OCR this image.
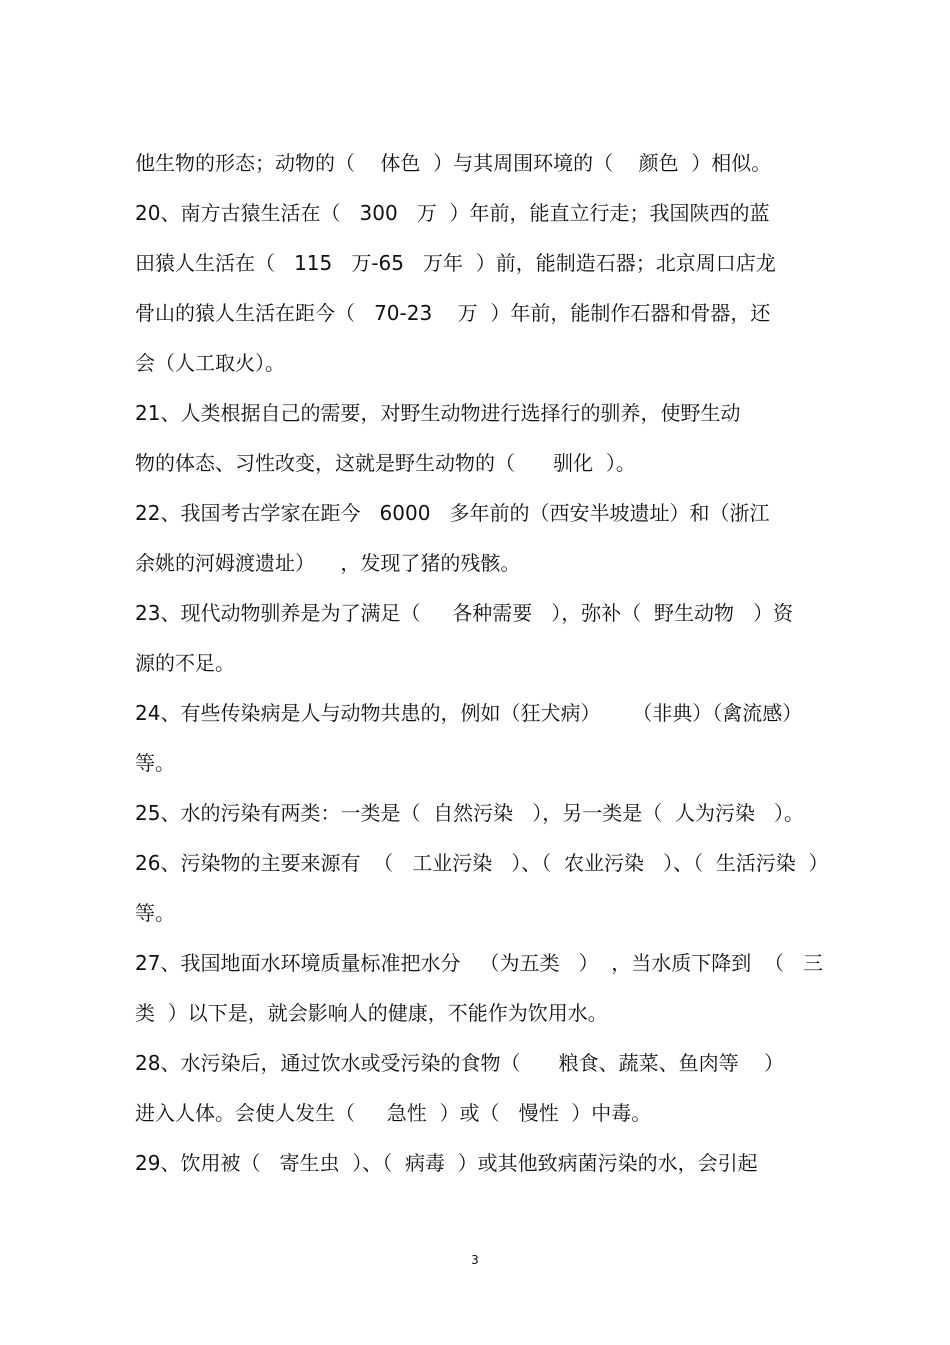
他生物的形态；动物的（    体色  ）与其周围环境的（    颜色  ）相似。
20、南方古猿生活在（   300   万  ）年前，能直立行走；我国陕西的蓝
田猿人生活在（   115   万-65   万年  ）前，能制造石器；北京周口店龙
骨山的猿人生活在距今（   70-23    万  ）年前，能制作石器和骨器，还
会（人工取火）。
21、人类根据自己的需要，对野生动物进行选择行的驯养，使野生动
物的体态、习性改变，这就是野生动物的（      驯化  ）。
22、我国考古学家在距今   6000   多年前的（西安半坡遗址）和（浙江
余姚的河姆渡遗址）    ，发现了猪的残骸。
23、现代动物驯养是为了满足（     各种需要   ），弥补（  野生动物   ）资
源的不足。
24、有些传染病是人与动物共患的，例如（狂犬病）     （非典）（禽流感）
等。
25、水的污染有两类：一类是（  自然污染   ），另一类是（  人为污染   ）。
26、污染物的主要来源有  （   工业污染   ）、（  农业污染   ）、（  生活污染  ）
等。
27、我国地面水环境质量标准把水分   （为五类   ）  ，当水质下降到  （   三
类  ）以下是，就会影响人的健康，不能作为饮用水。
28、水污染后，通过饮水或受污染的食物（      粮食、蔬菜、鱼肉等    ）
进入人体。会使人发生（     急性  ）或（   慢性  ）中毒。
29、饮用被（   寄生虫  ）、（  病毒  ）或其他致病菌污染的水，会引起
3
